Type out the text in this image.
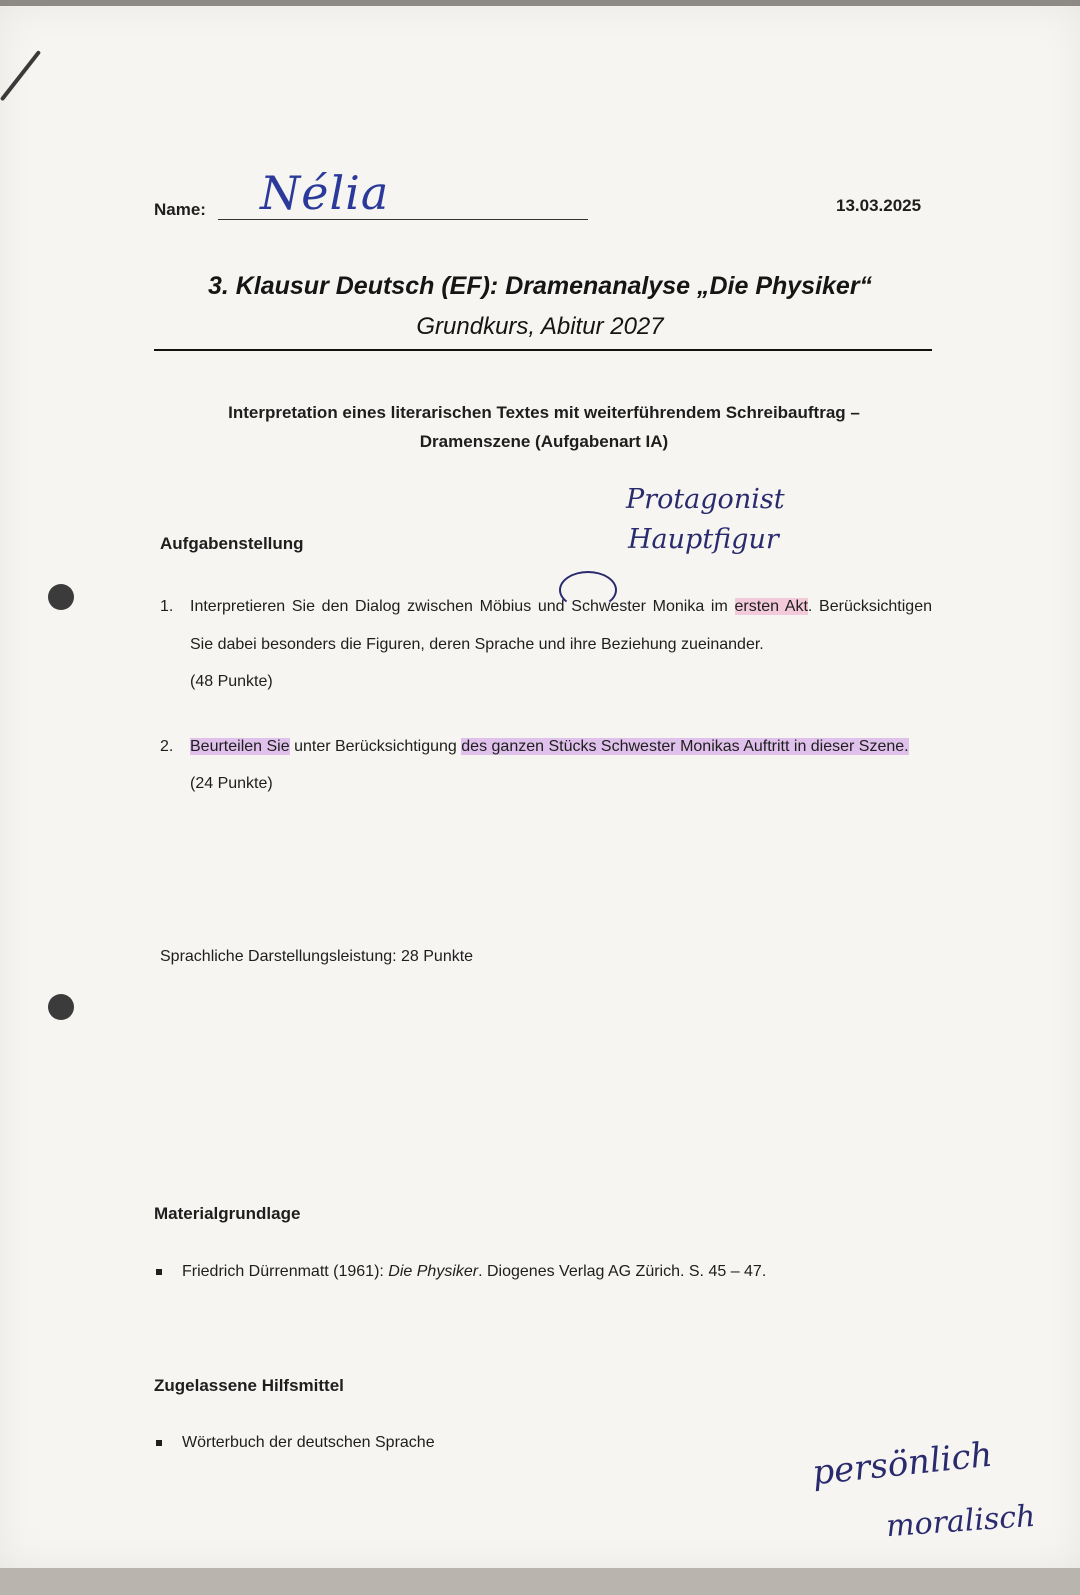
Name: Nélia	13.03.2025
3. Klausur Deutsch (EF): Dramenanalyse „Die Physiker“
Grundkurs, Abitur 2027
Interpretation eines literarischen Textes mit weiterführendem Schreibauftrag –
Dramenszene (Aufgabenart IA)
Protagonist
Hauptfigur
Aufgabenstellung
1. Interpretieren Sie den Dialog zwischen Möbius und Schwester Monika im ersten Akt. Berücksichtigen Sie dabei besonders die Figuren, deren Sprache und ihre Beziehung zueinander.
(48 Punkte)
2. Beurteilen Sie unter Berücksichtigung des ganzen Stücks Schwester Monikas Auftritt in dieser Szene.
(24 Punkte)
Sprachliche Darstellungsleistung: 28 Punkte
Materialgrundlage
Friedrich Dürrenmatt (1961): Die Physiker. Diogenes Verlag AG Zürich. S. 45 – 47.
Zugelassene Hilfsmittel
Wörterbuch der deutschen Sprache	persönlich
moralisch
